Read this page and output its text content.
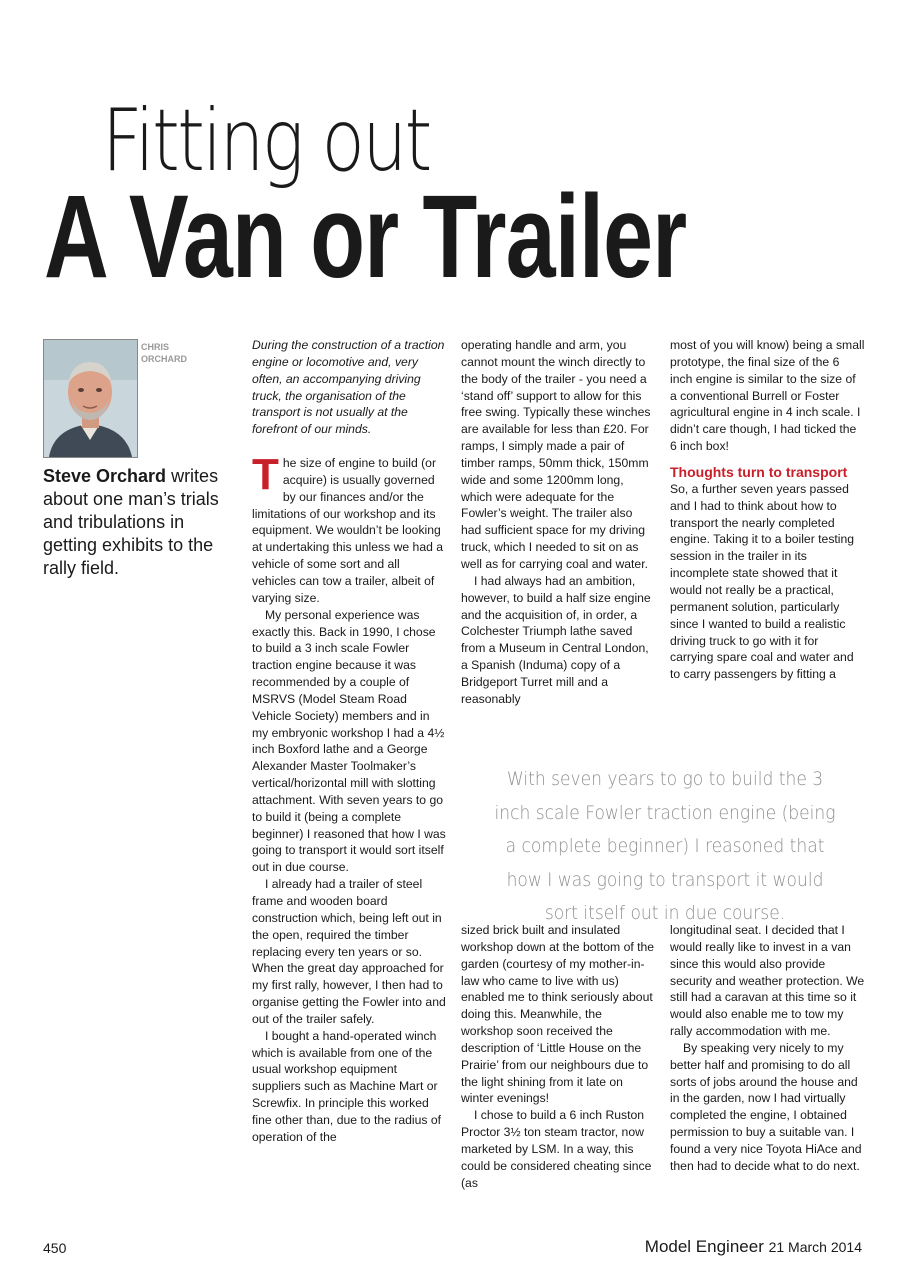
Fitting out
A Van or Trailer
CHRIS
ORCHARD
Steve Orchard writes about one man’s trials and tribulations in getting exhibits to the rally field.

During the construction of a traction engine or locomotive and, very often, an accompanying driving truck, the organisation of the transport is not usually at the forefront of our minds.

The size of engine to build (or acquire) is usually governed by our finances and/or the limitations of our workshop and its equipment. We wouldn’t be looking at undertaking this unless we had a vehicle of some sort and all vehicles can tow a trailer, albeit of varying size.

My personal experience was exactly this. Back in 1990, I chose to build a 3 inch scale Fowler traction engine because it was recommended by a couple of MSRVS (Model Steam Road Vehicle Society) members and in my embryonic workshop I had a 4½ inch Boxford lathe and a George Alexander Master Toolmaker’s vertical/horizontal mill with slotting attachment. With seven years to go to build it (being a complete beginner) I reasoned that how I was going to transport it would sort itself out in due course.

I already had a trailer of steel frame and wooden board construction which, being left out in the open, required the timber replacing every ten years or so. When the great day approached for my first rally, however, I then had to organise getting the Fowler into and out of the trailer safely.

I bought a hand-operated winch which is available from one of the usual workshop equipment suppliers such as Machine Mart or Screwfix. In principle this worked fine other than, due to the radius of operation of the

operating handle and arm, you cannot mount the winch directly to the body of the trailer - you need a ‘stand off’ support to allow for this free swing. Typically these winches are available for less than £20. For ramps, I simply made a pair of timber ramps, 50mm thick, 150mm wide and some 1200mm long, which were adequate for the Fowler’s weight. The trailer also had sufficient space for my driving truck, which I needed to sit on as well as for carrying coal and water.

I had always had an ambition, however, to build a half size engine and the acquisition of, in order, a Colchester Triumph lathe saved from a Museum in Central London, a Spanish (Induma) copy of a Bridgeport Turret mill and a reasonably

most of you will know) being a small prototype, the final size of the 6 inch engine is similar to the size of a conventional Burrell or Foster agricultural engine in 4 inch scale. I didn’t care though, I had ticked the 6 inch box!

Thoughts turn to transport

So, a further seven years passed and I had to think about how to transport the nearly completed engine. Taking it to a boiler testing session in the trailer in its incomplete state showed that it would not really be a practical, permanent solution, particularly since I wanted to build a realistic driving truck to go with it for carrying spare coal and water and to carry passengers by fitting a

With seven years to go to build the 3 inch scale Fowler traction engine (being a complete beginner) I reasoned that how I was going to transport it would sort itself out in due course.

sized brick built and insulated workshop down at the bottom of the garden (courtesy of my mother-in-law who came to live with us) enabled me to think seriously about doing this. Meanwhile, the workshop soon received the description of ‘Little House on the Prairie’ from our neighbours due to the light shining from it late on winter evenings!

I chose to build a 6 inch Ruston Proctor 3½ ton steam tractor, now marketed by LSM. In a way, this could be considered cheating since (as

longitudinal seat. I decided that I would really like to invest in a van since this would also provide security and weather protection. We still had a caravan at this time so it would also enable me to tow my rally accommodation with me.

By speaking very nicely to my better half and promising to do all sorts of jobs around the house and in the garden, now I had virtually completed the engine, I obtained permission to buy a suitable van. I found a very nice Toyota HiAce and then had to decide what to do next.

450	Model Engineer 21 March 2014
